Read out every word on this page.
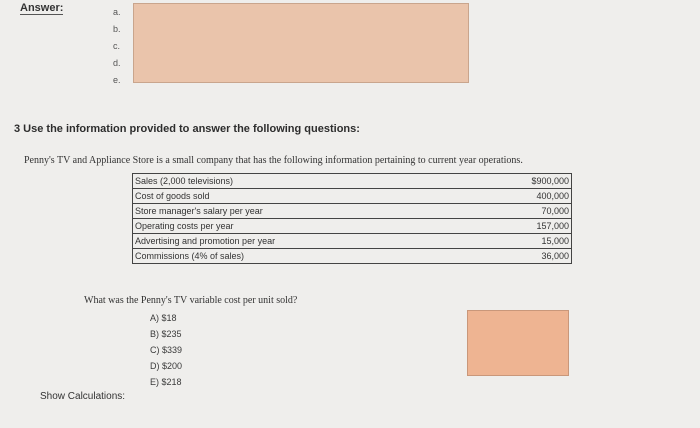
Answer:	a.
b.
c.
d.
e.
3 Use the information provided to answer the following questions:
Penny's TV and Appliance Store is a small company that has the following information pertaining to current year operations.
Sales (2,000 televisions)	$900,000
Cost of goods sold	400,000
Store manager's salary per year	70,000
Operating costs per year	157,000
Advertising and promotion per year	15,000
Commissions (4% of sales)	36,000
What was the Penny's TV variable cost per unit sold?
A) $18
B) $235
C) $339
D) $200
E) $218
Show Calculations:
